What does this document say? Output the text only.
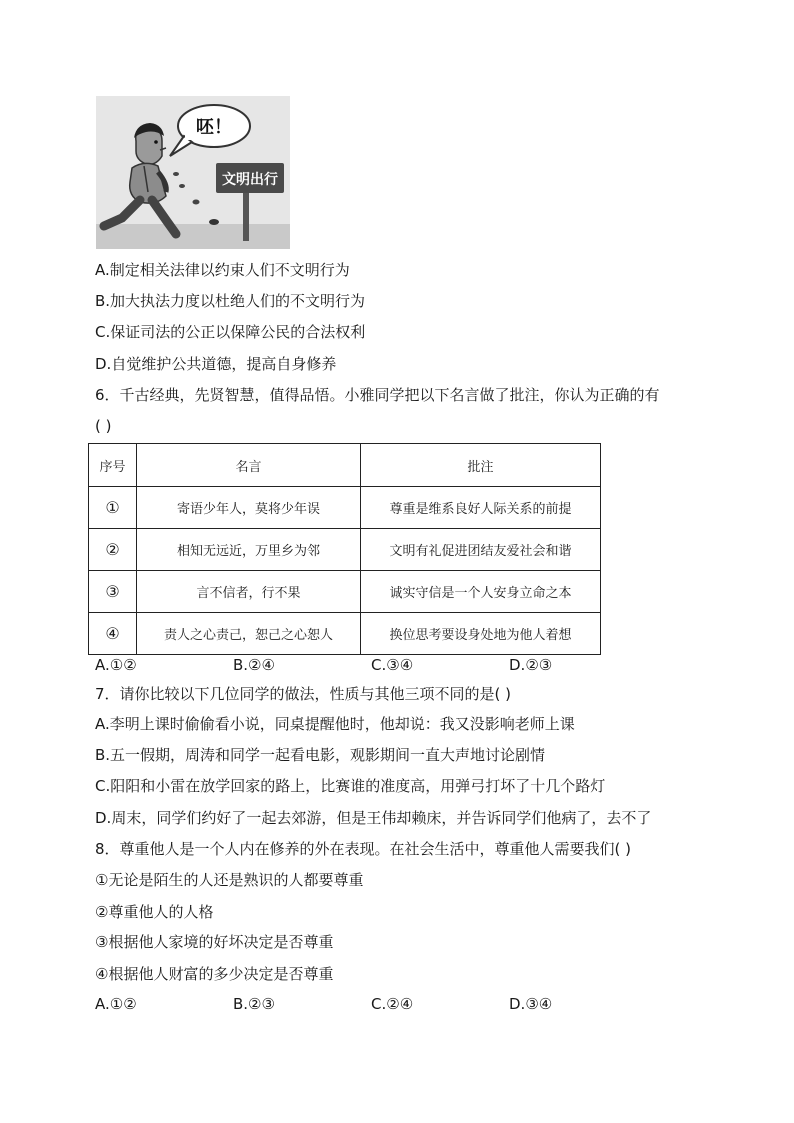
文明出行
呸！
A.制定相关法律以约束人们不文明行为
B.加大执法力度以杜绝人们的不文明行为
C.保证司法的公正以保障公民的合法权利
D.自觉维护公共道德，提高自身修养
6．千古经典，先贤智慧，值得品悟。小雅同学把以下名言做了批注，你认为正确的有
( )
序号	名言	批注
①	寄语少年人，莫将少年误	尊重是维系良好人际关系的前提
②	相知无远近，万里乡为邻	文明有礼促进团结友爱社会和谐
③	言不信者，行不果	诚实守信是一个人安身立命之本
④	责人之心责己，恕己之心恕人	换位思考要设身处地为他人着想
A.①②	B.②④	C.③④	D.②③
7．请你比较以下几位同学的做法，性质与其他三项不同的是( )
A.李明上课时偷偷看小说，同桌提醒他时，他却说：我又没影响老师上课
B.五一假期，周涛和同学一起看电影，观影期间一直大声地讨论剧情
C.阳阳和小雷在放学回家的路上，比赛谁的准度高，用弹弓打坏了十几个路灯
D.周末，同学们约好了一起去郊游，但是王伟却赖床，并告诉同学们他病了，去不了
8．尊重他人是一个人内在修养的外在表现。在社会生活中，尊重他人需要我们( )
①无论是陌生的人还是熟识的人都要尊重
②尊重他人的人格
③根据他人家境的好坏决定是否尊重
④根据他人财富的多少决定是否尊重
A.①②	B.②③	C.②④	D.③④
